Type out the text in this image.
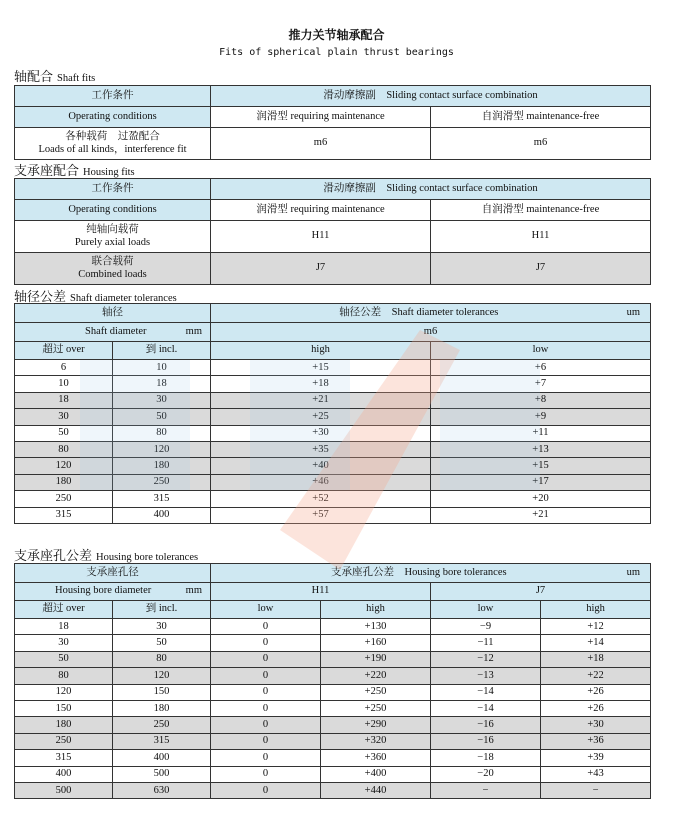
推力关节轴承配合
Fits of spherical plain thrust bearings
轴配合 Shaft fits
工作条件	滑动摩擦副　Sliding contact surface combination	
Operating conditions	润滑型 requiring maintenance	自润滑型 maintenance-free
各种载荷　过盈配合
Loads of all kinds，interference fit	m6	m6
支承座配合 Housing fits
工作条件	滑动摩擦副　Sliding contact surface combination	
Operating conditions	润滑型 requiring maintenance	自润滑型 maintenance-free
纯轴向载荷
Purely axial loads	H11	H11
联合载荷
Combined loads	J7	J7
轴径公差 Shaft diameter tolerances
轴径		轴径公差　Shaft diameter tolerances um	

Shaft diameter mm		m6	
超过 over	到 incl.	high	low
6	10	+15	+6
10	18	+18	+7
18	30	+21	+8
30	50	+25	+9
50	80	+30	+11
80	120	+35	+13
120	180	+40	+15
180	250	+46	+17
250	315	+52	+20
315	400	+57	+21
支承座孔公差 Housing bore tolerances
支承座孔径		支承座孔公差　Housing bore tolerances um			

Housing bore diameter mm		H11		J7	
超过 over	到 incl.	low	high	low	high
18	30	0	+130	−9	+12
30	50	0	+160	−11	+14
50	80	0	+190	−12	+18
80	120	0	+220	−13	+22
120	150	0	+250	−14	+26
150	180	0	+250	−14	+26
180	250	0	+290	−16	+30
250	315	0	+320	−16	+36
315	400	0	+360	−18	+39
400	500	0	+400	−20	+43
500	630	0	+440	−	−
